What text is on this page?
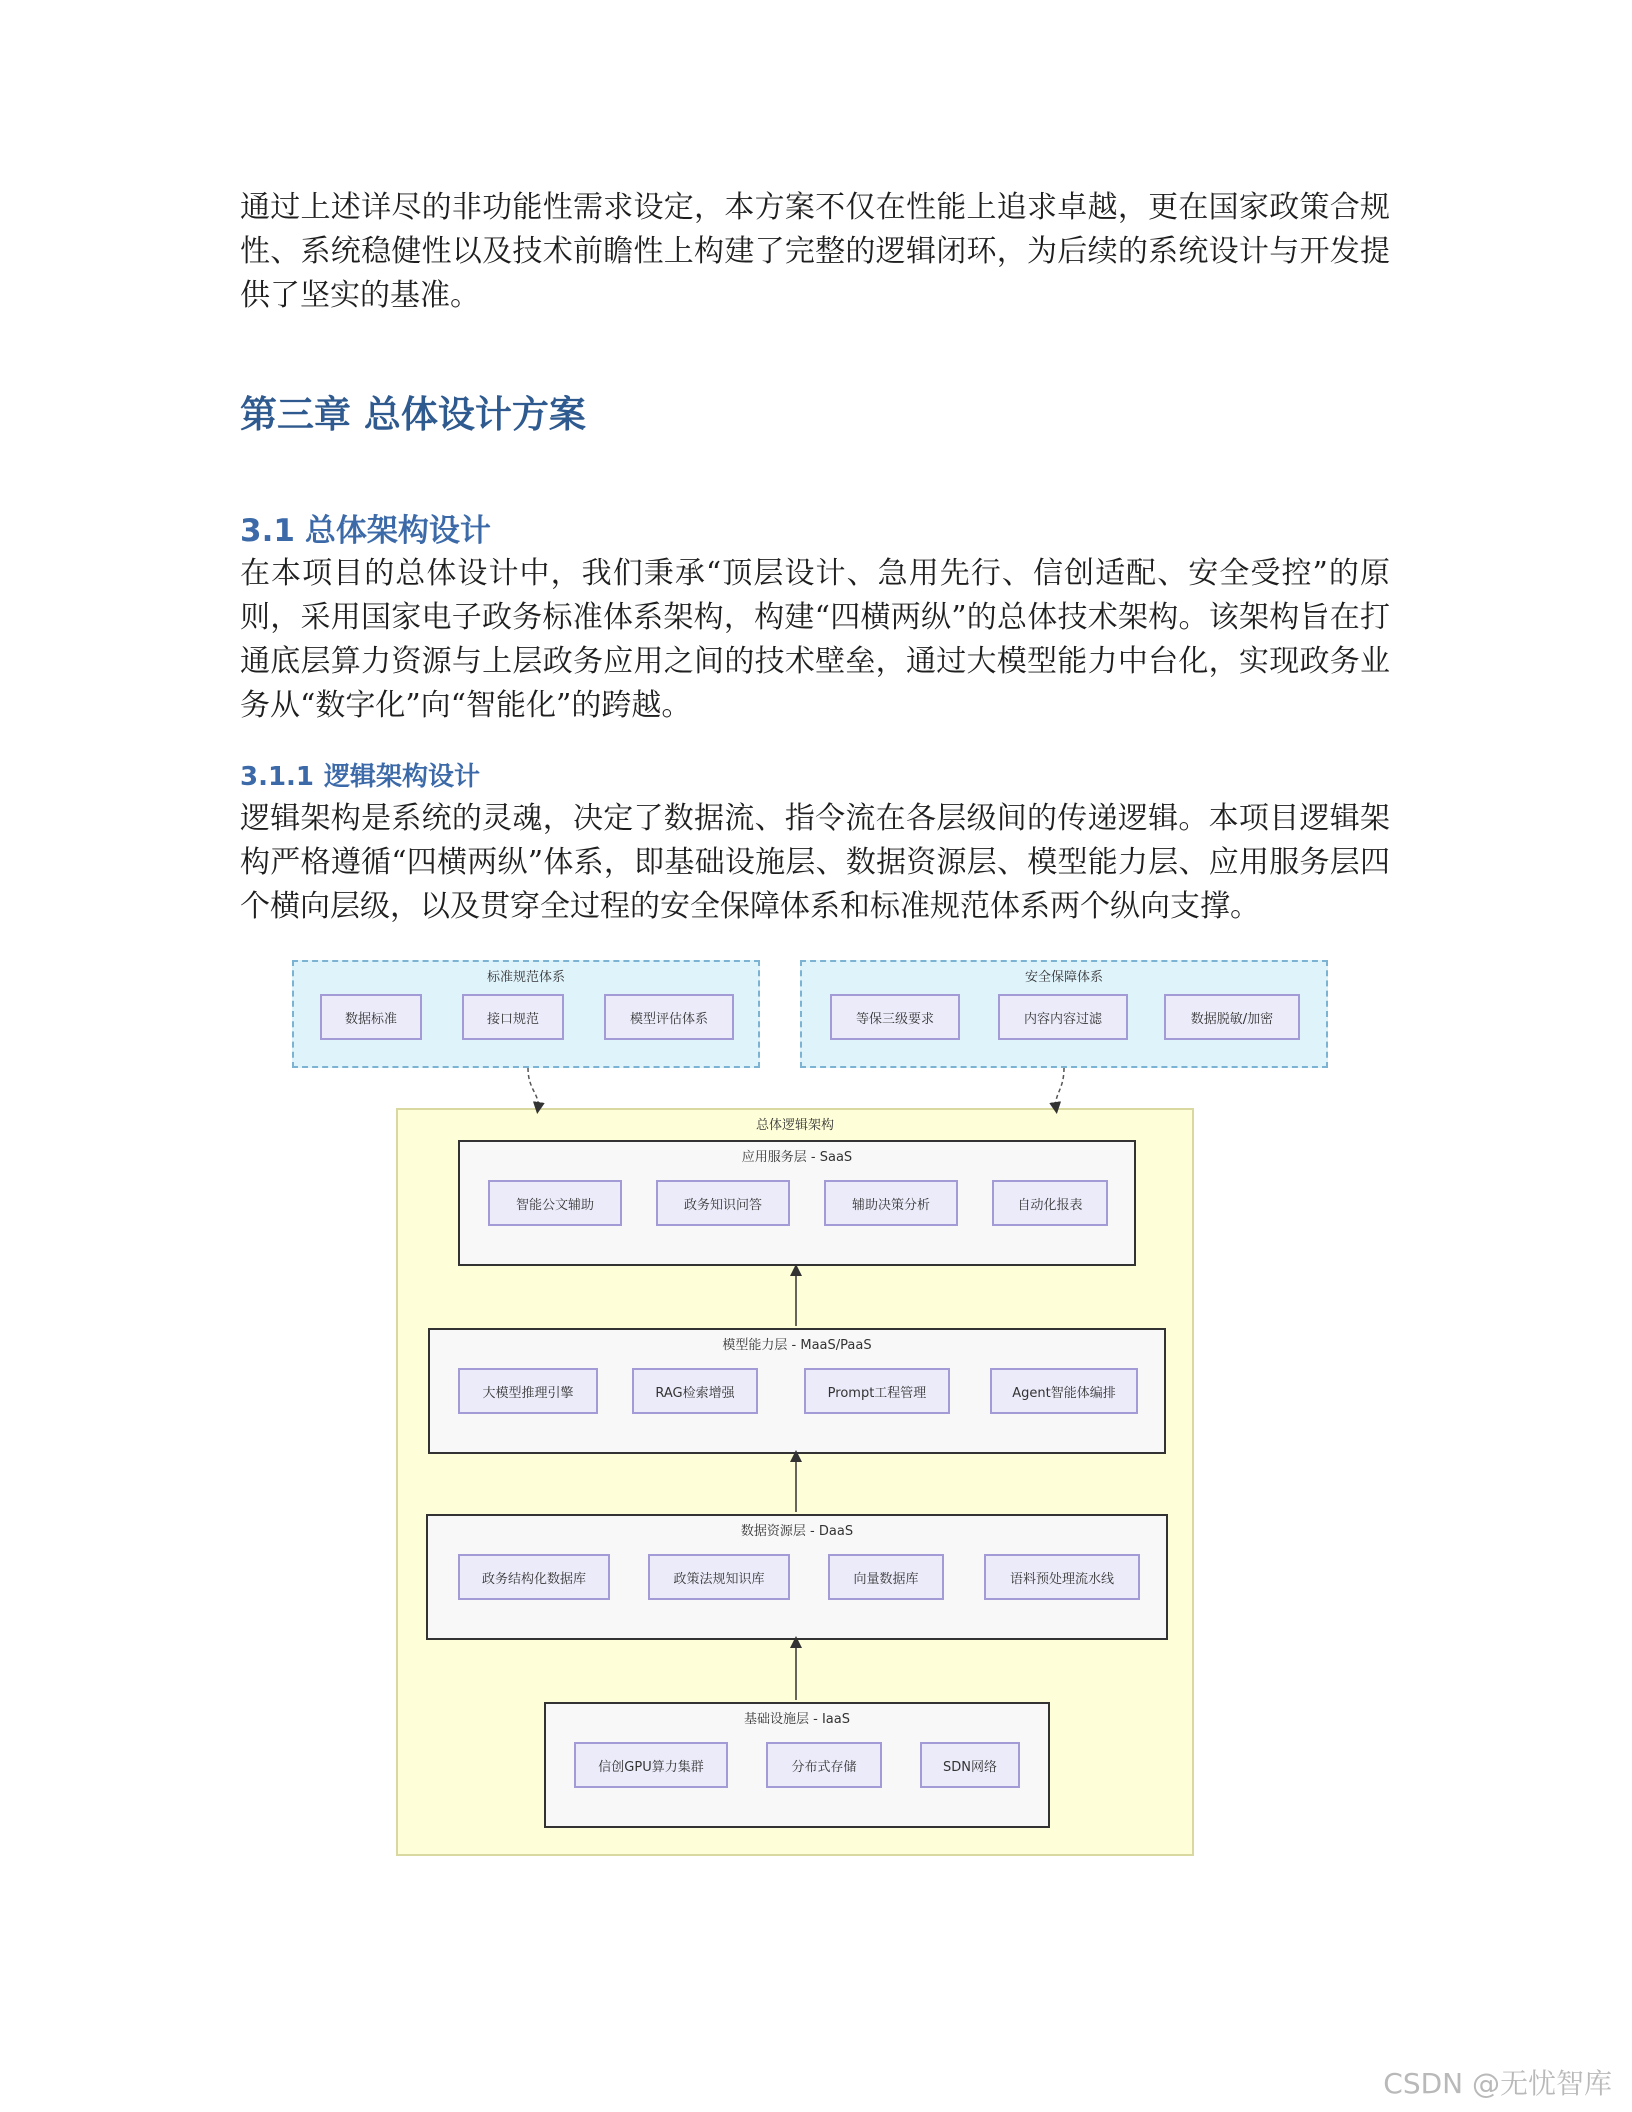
通过上述详尽的非功能性需求设定，本方案不仅在性能上追求卓越，更在国家政策合规性、系统稳健性以及技术前瞻性上构建了完整的逻辑闭环，为后续的系统设计与开发提供了坚实的基准。

第三章 总体设计方案
3.1 总体架构设计

在本项目的总体设计中，我们秉承“顶层设计、急用先行、信创适配、安全受控”的原则，采用国家电子政务标准体系架构，构建“四横两纵”的总体技术架构。该架构旨在打通底层算力资源与上层政务应用之间的技术壁垒，通过大模型能力中台化，实现政务业务从“数字化”向“智能化”的跨越。

3.1.1 逻辑架构设计

逻辑架构是系统的灵魂，决定了数据流、指令流在各层级间的传递逻辑。本项目逻辑架构严格遵循“四横两纵”体系，即基础设施层、数据资源层、模型能力层、应用服务层四个横向层级，以及贯穿全过程的安全保障体系和标准规范体系两个纵向支撑。

标准规范体系
数据标准	接口规范	模型评估体系
安全保障体系
等保三级要求	内容内容过滤	数据脱敏/加密
总体逻辑架构
应用服务层 - SaaS
智能公文辅助	政务知识问答	辅助决策分析	自动化报表
模型能力层 - MaaS/PaaS
大模型推理引擎	RAG检索增强	Prompt工程管理	Agent智能体编排
数据资源层 - DaaS
政务结构化数据库	政策法规知识库	向量数据库	语料预处理流水线
基础设施层 - IaaS
信创GPU算力集群	分布式存储	SDN网络
CSDN @无忧智库
